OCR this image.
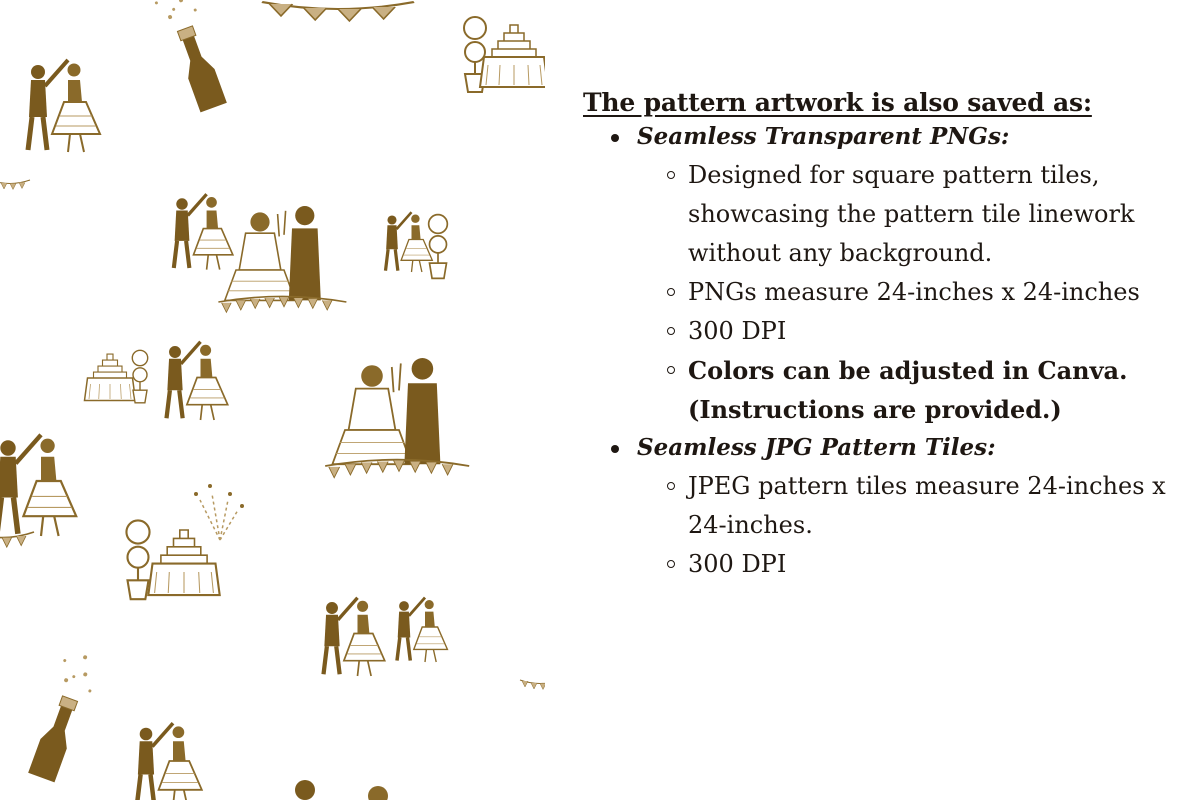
The pattern artwork is also saved as:
Seamless Transparent PNGs:
Designed for square pattern tiles, showcasing the pattern tile linework without any background.
PNGs measure 24-inches x 24-inches
300 DPI
Colors can be adjusted in Canva. (Instructions are provided.)
Seamless JPG Pattern Tiles:
JPEG pattern tiles measure 24-inches x 24-inches.
300 DPI
